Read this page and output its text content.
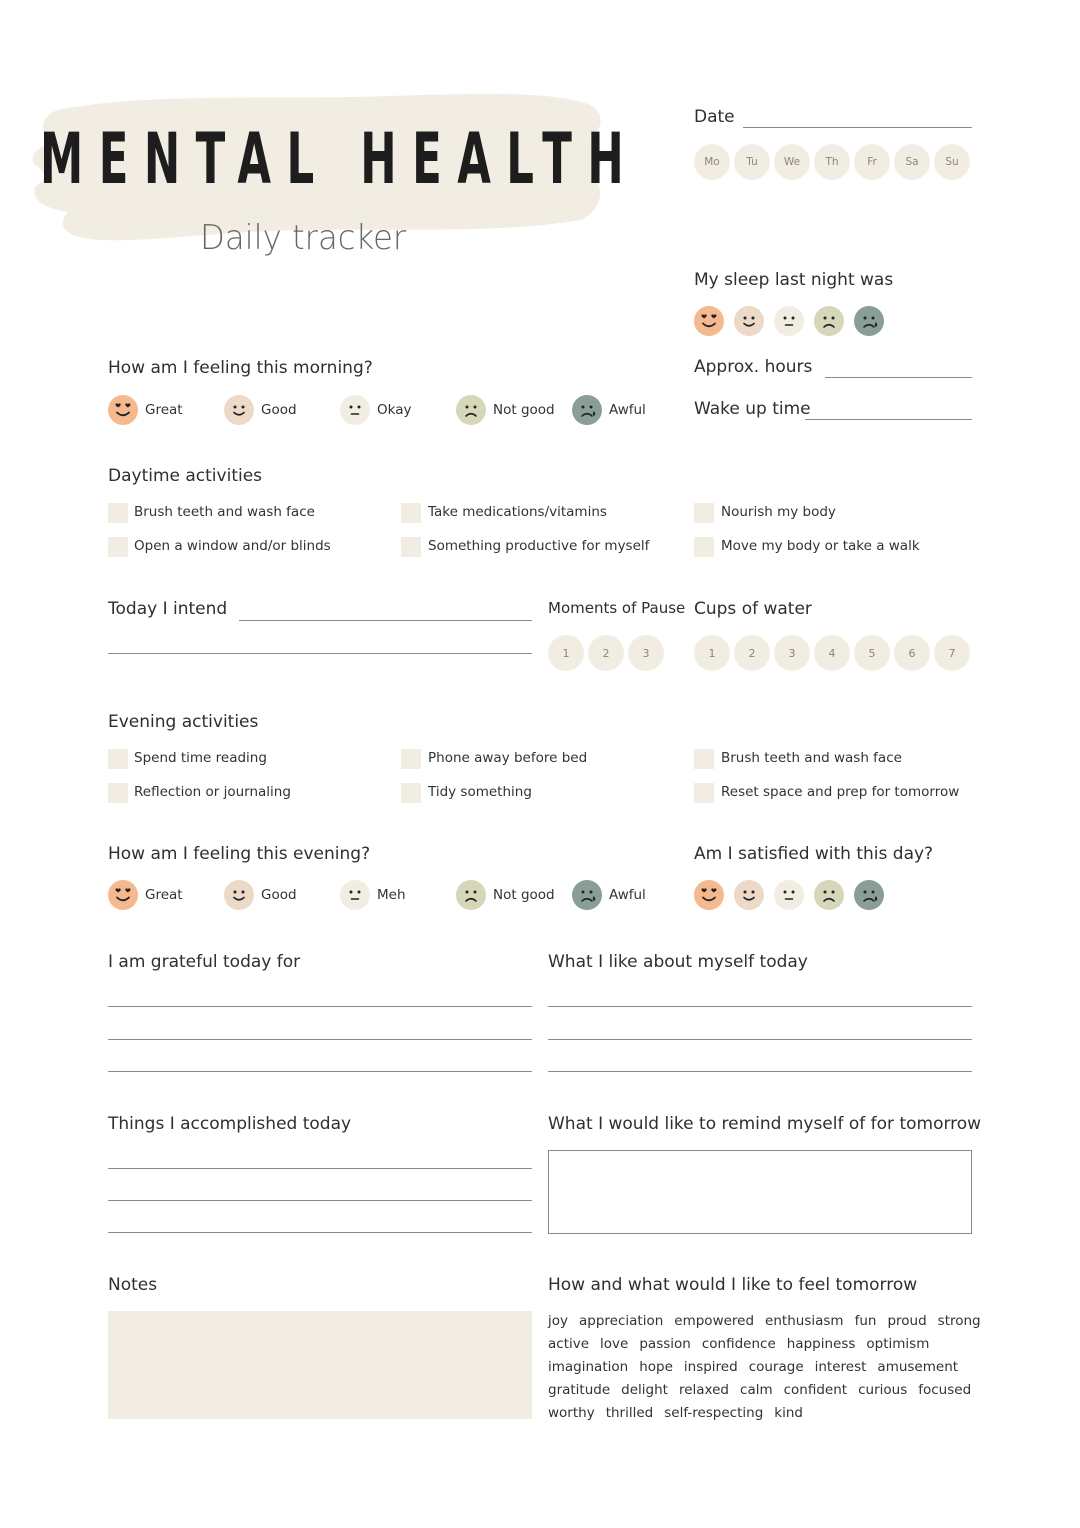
MENTAL HEALTH
Daily tracker
Date
Mo	Tu	We	Th	Fr	Sa	Su
My sleep last night was
Approx. hours
Wake up time
How am I feeling this morning?
Great	Good	Okay	Not good	Awful
Daytime activities
Brush teeth and wash face	Take medications/vitamins	Nourish my body
Open a window and/or blinds	Something productive for myself	Move my body or take a walk
Today I intend	Moments of Pause
1	2	3
Cups of water
1	2	3	4	5	6	7
Evening activities
Spend time reading	Phone away before bed	Brush teeth and wash face
Reflection or journaling	Tidy something	Reset space and prep for tomorrow
How am I feeling this evening?
Great	Good	Meh	Not good	Awful
Am I satisfied with this day?
I am grateful today for	What I like about myself today
Things I accomplished today	What I would like to remind myself of for tomorrow
Notes	How and what would I like to feel tomorrow
joy appreciation empowered enthusiasm fun proud strong
active love passion confidence happiness optimism
imagination hope inspired courage interest amusement
gratitude delight relaxed calm confident curious focused
worthy thrilled self-respecting kind
